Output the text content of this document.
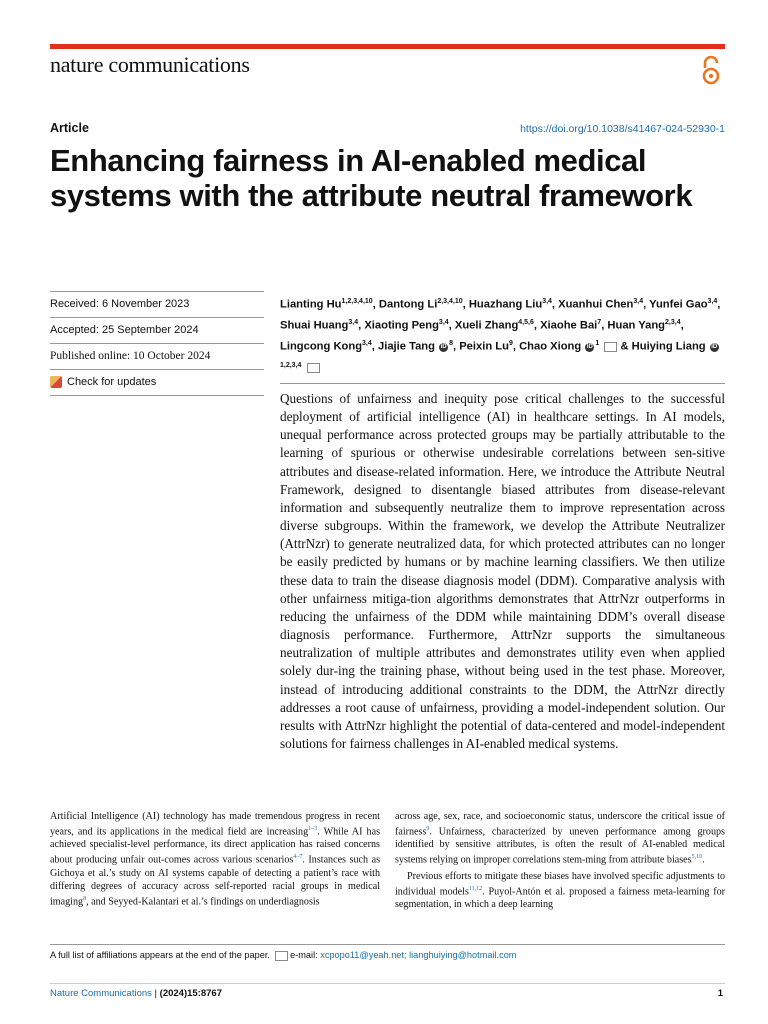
nature communications
Article	https://doi.org/10.1038/s41467-024-52930-1
Enhancing fairness in AI-enabled medical systems with the attribute neutral framework
Received: 6 November 2023
Accepted: 25 September 2024
Published online: 10 October 2024
Check for updates
Lianting Hu$^{1,2,3,4,10}$, Dantong Li$^{2,3,4,10}$, Huazhang Liu$^{3,4}$, Xuanhui Chen$^{3,4}$, Yunfei Gao$^{3,4}$, Shuai Huang$^{3,4}$, Xiaoting Peng$^{3,4}$, Xueli Zhang$^{4,5,6}$, Xiaohe Bai$^7$, Huan Yang$^{2,3,4}$, Lingcong Kong$^{3,4}$, Jiajie Tang iD $^8$, Peixin Lu$^9$, Chao Xiong iD $^1$  & Huiying Liang iD$^{1,2,3,4}$

Questions of unfairness and inequity pose critical challenges to the successful deployment of artificial intelligence (AI) in healthcare settings. In AI models, unequal performance across protected groups may be partially attributable to the learning of spurious or otherwise undesirable correlations between sen-sitive attributes and disease-related information. Here, we introduce the Attribute Neutral Framework, designed to disentangle biased attributes from disease-relevant information and subsequently neutralize them to improve representation across diverse subgroups. Within the framework, we develop the Attribute Neutralizer (AttrNzr) to generate neutralized data, for which protected attributes can no longer be easily predicted by humans or by machine learning classifiers. We then utilize these data to train the disease diagnosis model (DDM). Comparative analysis with other unfairness mitiga-tion algorithms demonstrates that AttrNzr outperforms in reducing the unfairness of the DDM while maintaining DDM’s overall disease diagnosis performance. Furthermore, AttrNzr supports the simultaneous neutralization of multiple attributes and demonstrates utility even when applied solely dur-ing the training phase, without being used in the test phase. Moreover, instead of introducing additional constraints to the DDM, the AttrNzr directly addresses a root cause of unfairness, providing a model-independent solution. Our results with AttrNzr highlight the potential of data-centered and model-independent solutions for fairness challenges in AI-enabled medical systems.

Artificial Intelligence (AI) technology has made tremendous progress in recent years, and its applications in the medical field are increasing$^{1-3}$. While AI has achieved specialist-level performance, its direct application has raised concerns about producing unfair out-comes across various scenarios$^{4-7}$. Instances such as Gichoya et al.’s study on AI systems capable of detecting a patient’s race with differing degrees of accuracy across self-reported racial groups in medical imaging$^8$, and Seyyed-Kalantari et al.’s findings on underdiagnosis

across age, sex, race, and socioeconomic status, underscore the critical issue of fairness$^9$. Unfairness, characterized by uneven performance among groups identified by sensitive attributes, is often the result of AI-enabled medical systems relying on improper correlations stem-ming from attribute biases$^{5,10}$.

Previous efforts to mitigate these biases have involved specific adjustments to individual models$^{11,12}$. Puyol-Antón et al. proposed a fairness meta-learning for segmentation, in which a deep learning

A full list of affiliations appears at the end of the paper. e-mail: xcpopo11@yeah.net; lianghuiying@hotmail.com
Nature Communications | (2024)15:8767	1
